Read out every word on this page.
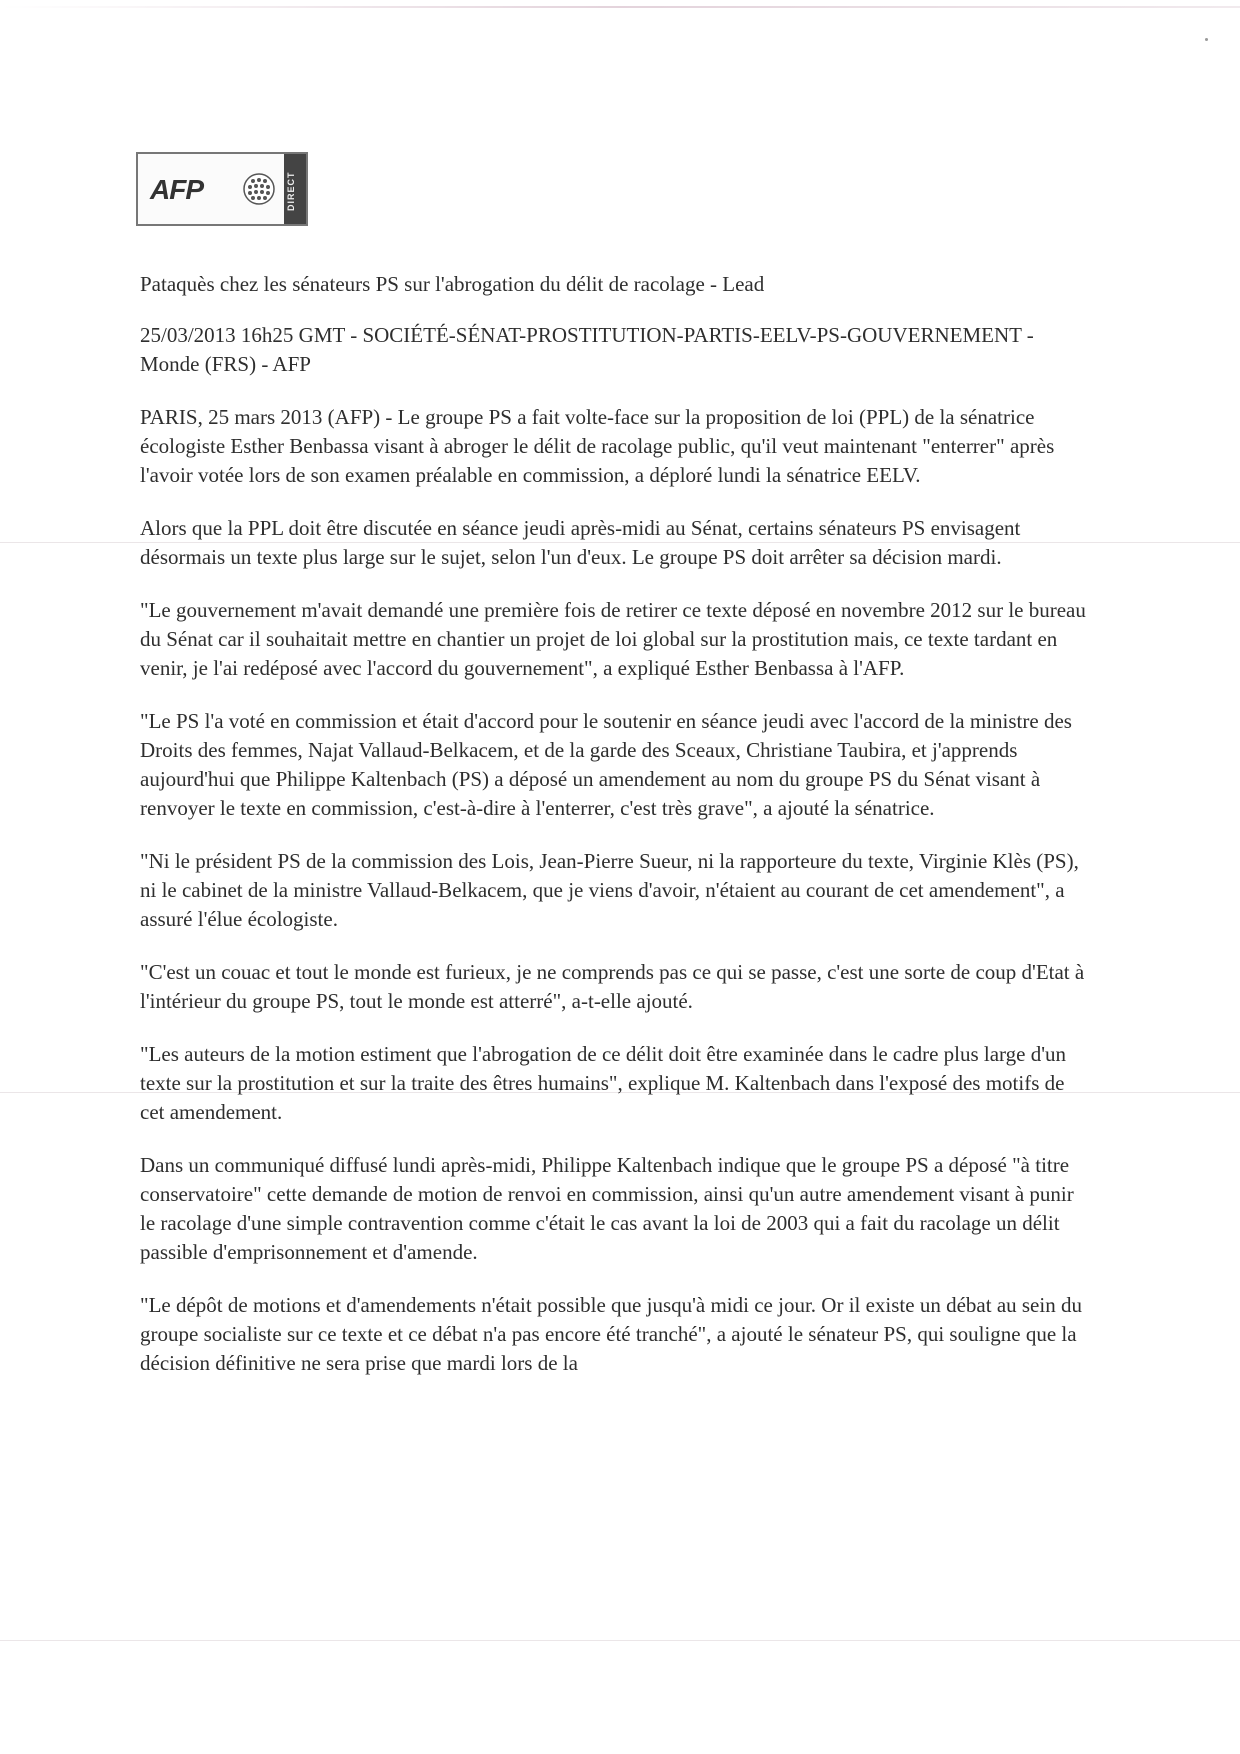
AFP	DIRECT

Pataquès chez les sénateurs PS sur l'abrogation du délit de racolage - Lead

25/03/2013 16h25 GMT - SOCIÉTÉ-SÉNAT-PROSTITUTION-PARTIS-EELV-PS-GOUVERNEMENT - Monde (FRS) - AFP

PARIS, 25 mars 2013 (AFP) - Le groupe PS a fait volte-face sur la proposition de loi (PPL) de la sénatrice écologiste Esther Benbassa visant à abroger le délit de racolage public, qu'il veut maintenant "enterrer" après l'avoir votée lors de son examen préalable en commission, a déploré lundi la sénatrice EELV.

Alors que la PPL doit être discutée en séance jeudi après-midi au Sénat, certains sénateurs PS envisagent désormais un texte plus large sur le sujet, selon l'un d'eux. Le groupe PS doit arrêter sa décision mardi.

"Le gouvernement m'avait demandé une première fois de retirer ce texte déposé en novembre 2012 sur le bureau du Sénat car il souhaitait mettre en chantier un projet de loi global sur la prostitution mais, ce texte tardant en venir, je l'ai redéposé avec l'accord du gouvernement", a expliqué Esther Benbassa à l'AFP.

"Le PS l'a voté en commission et était d'accord pour le soutenir en séance jeudi avec l'accord de la ministre des Droits des femmes, Najat Vallaud-Belkacem, et de la garde des Sceaux, Christiane Taubira, et j'apprends aujourd'hui que Philippe Kaltenbach (PS) a déposé un amendement au nom du groupe PS du Sénat visant à renvoyer le texte en commission, c'est-à-dire à l'enterrer, c'est très grave", a ajouté la sénatrice.

"Ni le président PS de la commission des Lois, Jean-Pierre Sueur, ni la rapporteure du texte, Virginie Klès (PS), ni le cabinet de la ministre Vallaud-Belkacem, que je viens d'avoir, n'étaient au courant de cet amendement", a assuré l'élue écologiste.

"C'est un couac et tout le monde est furieux, je ne comprends pas ce qui se passe, c'est une sorte de coup d'Etat à l'intérieur du groupe PS, tout le monde est atterré", a-t-elle ajouté.

"Les auteurs de la motion estiment que l'abrogation de ce délit doit être examinée dans le cadre plus large d'un texte sur la prostitution et sur la traite des êtres humains", explique M. Kaltenbach dans l'exposé des motifs de cet amendement.

Dans un communiqué diffusé lundi après-midi, Philippe Kaltenbach indique que le groupe PS a déposé "à titre conservatoire" cette demande de motion de renvoi en commission, ainsi qu'un autre amendement visant à punir le racolage d'une simple contravention comme c'était le cas avant la loi de 2003 qui a fait du racolage un délit passible d'emprisonnement et d'amende.

"Le dépôt de motions et d'amendements n'était possible que jusqu'à midi ce jour. Or il existe un débat au sein du groupe socialiste sur ce texte et ce débat n'a pas encore été tranché", a ajouté le sénateur PS, qui souligne que la décision définitive ne sera prise que mardi lors de la
